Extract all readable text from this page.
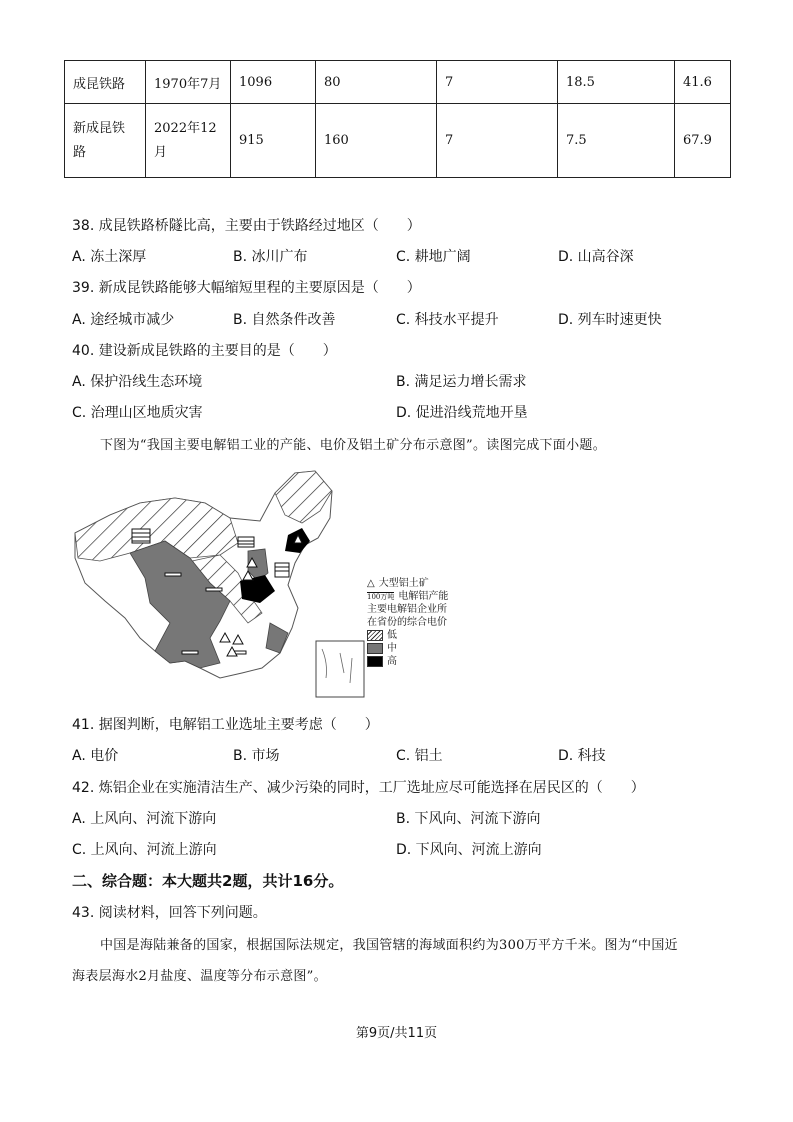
成昆铁路	1970年7月	1096	80	7	18.5	41.6
新成昆铁路	2022年12月	915	160	7	7.5	67.9
38. 成昆铁路桥隧比高，主要由于铁路经过地区（　　）
A. 冻土深厚	B. 冰川广布	C. 耕地广阔	D. 山高谷深
39. 新成昆铁路能够大幅缩短里程的主要原因是（　　）
A. 途经城市减少	B. 自然条件改善	C. 科技水平提升	D. 列车时速更快
40. 建设新成昆铁路的主要目的是（　　）
A. 保护沿线生态环境	B. 满足运力增长需求
C. 治理山区地质灾害	D. 促进沿线荒地开垦
下图为“我国主要电解铝工业的产能、电价及铝土矿分布示意图”。读图完成下面小题。
△ 大型铝土矿
100万吨 电解铝产能
主要电解铝企业所
在省份的综合电价
低
中
高
41. 据图判断，电解铝工业选址主要考虑（　　）
A. 电价	B. 市场	C. 铝土	D. 科技
42. 炼铝企业在实施清洁生产、减少污染的同时，工厂选址应尽可能选择在居民区的（　　）
A. 上风向、河流下游向	B. 下风向、河流下游向
C. 上风向、河流上游向	D. 下风向、河流上游向
二、综合题：本大题共2题，共计16分。
43. 阅读材料，回答下列问题。
中国是海陆兼备的国家，根据国际法规定，我国管辖的海域面积约为300万平方千米。图为“中国近
海表层海水2月盐度、温度等分布示意图”。
第9页/共11页
